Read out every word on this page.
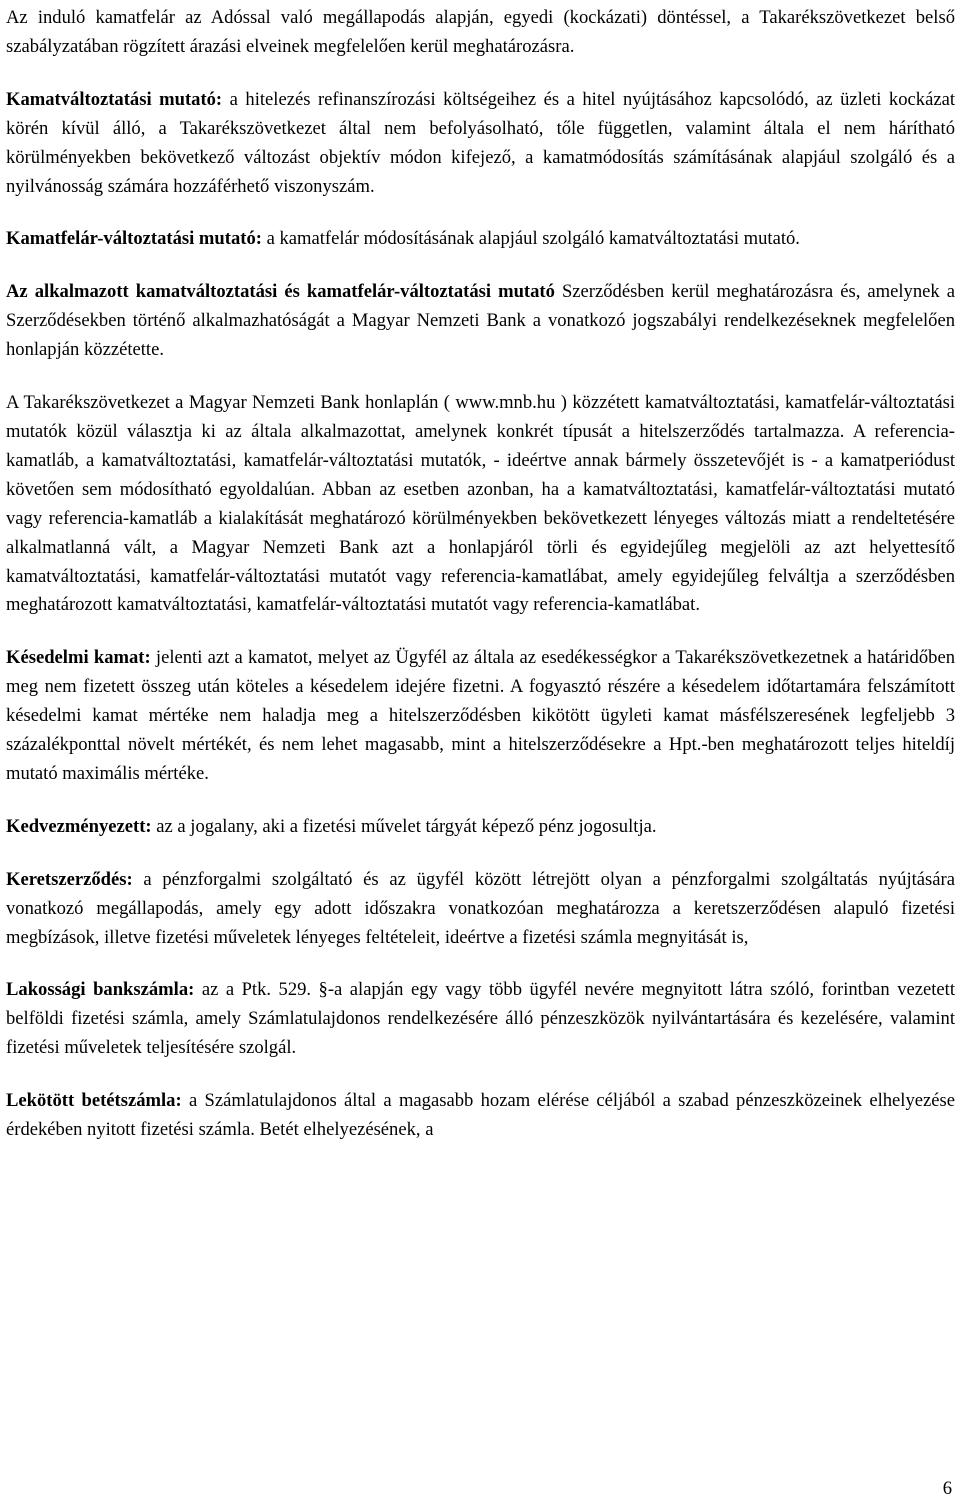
Az induló kamatfelár az Adóssal való megállapodás alapján, egyedi (kockázati) döntéssel, a Takarékszövetkezet belső szabályzatában rögzített árazási elveinek megfelelően kerül meghatározásra.

Kamatváltoztatási mutató: a hitelezés refinanszírozási költségeihez és a hitel nyújtásához kapcsolódó, az üzleti kockázat körén kívül álló, a Takarékszövetkezet által nem befolyásolható, tőle független, valamint általa el nem hárítható körülményekben bekövetkező változást objektív módon kifejező, a kamatmódosítás számításának alapjául szolgáló és a nyilvánosság számára hozzáférhető viszonyszám.

Kamatfelár-változtatási mutató: a kamatfelár módosításának alapjául szolgáló kamatváltoztatási mutató.

Az alkalmazott kamatváltoztatási és kamatfelár-változtatási mutató Szerződésben kerül meghatározásra és, amelynek a Szerződésekben történő alkalmazhatóságát a Magyar Nemzeti Bank a vonatkozó jogszabályi rendelkezéseknek megfelelően honlapján közzétette.

A Takarékszövetkezet a Magyar Nemzeti Bank honlaplán ( www.mnb.hu ) közzétett kamatváltoztatási, kamatfelár-változtatási mutatók közül választja ki az általa alkalmazottat, amelynek konkrét típusát a hitelszerződés tartalmazza. A referencia-kamatláb, a kamatváltoztatási, kamatfelár-változtatási mutatók, - ideértve annak bármely összetevőjét is - a kamatperiódust követően sem módosítható egyoldalúan. Abban az esetben azonban, ha a kamatváltoztatási, kamatfelár-változtatási mutató vagy referencia-kamatláb a kialakítását meghatározó körülményekben bekövetkezett lényeges változás miatt a rendeltetésére alkalmatlanná vált, a Magyar Nemzeti Bank azt a honlapjáról törli és egyidejűleg megjelöli az azt helyettesítő kamatváltoztatási, kamatfelár-változtatási mutatót vagy referencia-kamatlábat, amely egyidejűleg felváltja a szerződésben meghatározott kamatváltoztatási, kamatfelár-változtatási mutatót vagy referencia-kamatlábat.

Késedelmi kamat: jelenti azt a kamatot, melyet az Ügyfél az általa az esedékességkor a Takarékszövetkezetnek a határidőben meg nem fizetett összeg után köteles a késedelem idejére fizetni. A fogyasztó részére a késedelem időtartamára felszámított késedelmi kamat mértéke nem haladja meg a hitelszerződésben kikötött ügyleti kamat másfélszeresének legfeljebb 3 százalékponttal növelt mértékét, és nem lehet magasabb, mint a hitelszerződésekre a Hpt.-ben meghatározott teljes hiteldíj mutató maximális mértéke.

Kedvezményezett: az a jogalany, aki a fizetési művelet tárgyát képező pénz jogosultja.

Keretszerződés: a pénzforgalmi szolgáltató és az ügyfél között létrejött olyan a pénzforgalmi szolgáltatás nyújtására vonatkozó megállapodás, amely egy adott időszakra vonatkozóan meghatározza a keretszerződésen alapuló fizetési megbízások, illetve fizetési műveletek lényeges feltételeit, ideértve a fizetési számla megnyitását is,

Lakossági bankszámla: az a Ptk. 529. §-a alapján egy vagy több ügyfél nevére megnyitott látra szóló, forintban vezetett belföldi fizetési számla, amely Számlatulajdonos rendelkezésére álló pénzeszközök nyilvántartására és kezelésére, valamint fizetési műveletek teljesítésére szolgál.

Lekötött betétszámla: a Számlatulajdonos által a magasabb hozam elérése céljából a szabad pénzeszközeinek elhelyezése érdekében nyitott fizetési számla. Betét elhelyezésének, a

6
